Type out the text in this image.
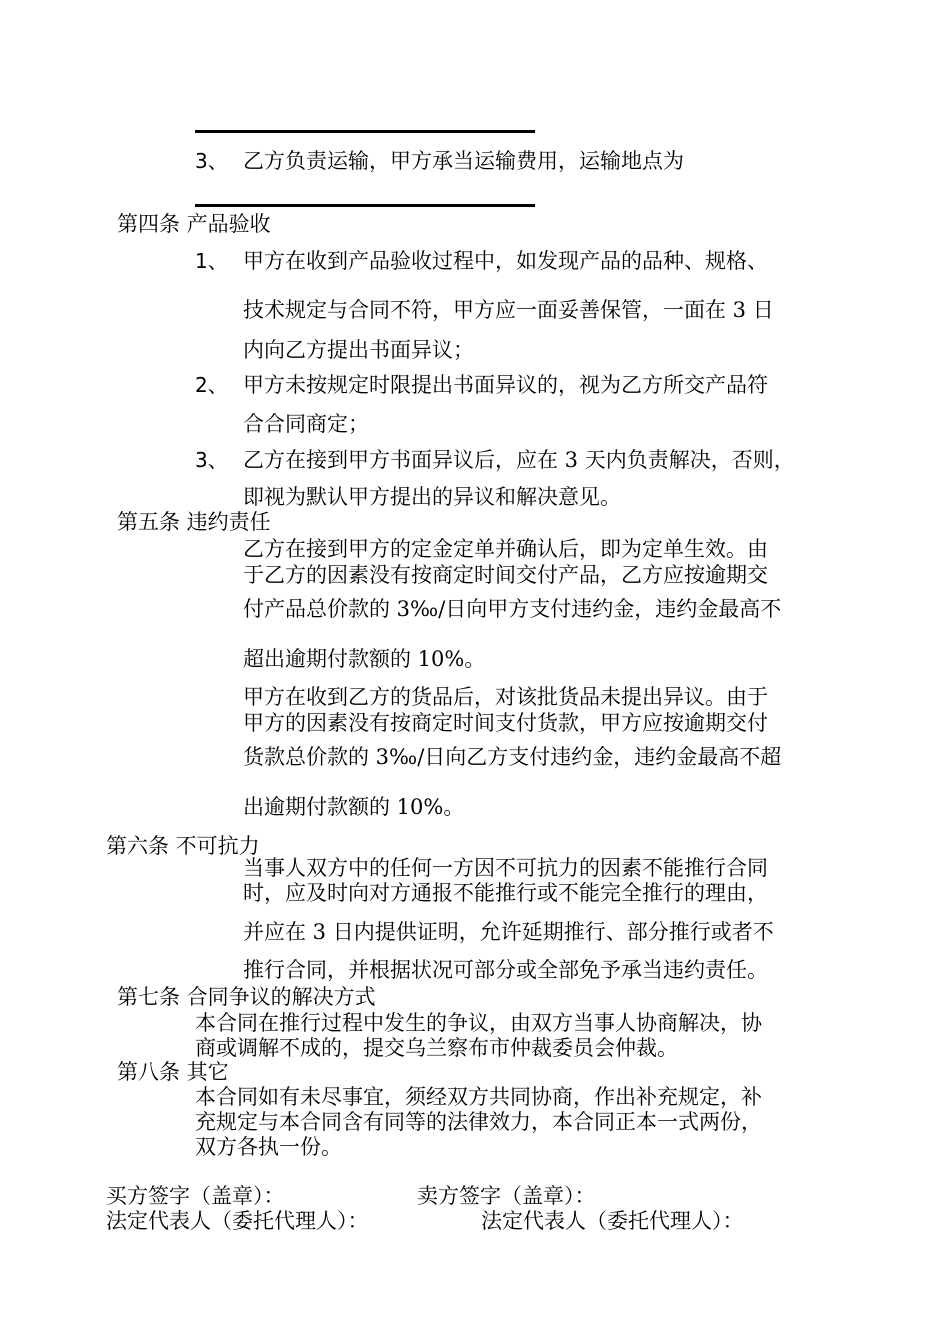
3、 乙方负责运输，甲方承当运输费用，运输地点为
第四条 产品验收
1、 甲方在收到产品验收过程中，如发现产品的品种、规格、
技术规定与合同不符，甲方应一面妥善保管，一面在 3 日
内向乙方提出书面异议；
2、 甲方未按规定时限提出书面异议的，视为乙方所交产品符
合合同商定；
3、 乙方在接到甲方书面异议后，应在 3 天内负责解决，否则，
即视为默认甲方提出的异议和解决意见。
第五条 违约责任
乙方在接到甲方的定金定单并确认后，即为定单生效。由
于乙方的因素没有按商定时间交付产品，乙方应按逾期交
付产品总价款的 3‰/日向甲方支付违约金，违约金最高不
超出逾期付款额的 10%。
甲方在收到乙方的货品后，对该批货品未提出异议。由于
甲方的因素没有按商定时间支付货款，甲方应按逾期交付
货款总价款的 3‰/日向乙方支付违约金，违约金最高不超
出逾期付款额的 10%。
第六条 不可抗力
当事人双方中的任何一方因不可抗力的因素不能推行合同
时，应及时向对方通报不能推行或不能完全推行的理由，
并应在 3 日内提供证明，允许延期推行、部分推行或者不
推行合同，并根据状况可部分或全部免予承当违约责任。
第七条 合同争议的解决方式
本合同在推行过程中发生的争议，由双方当事人协商解决，协
商或调解不成的，提交乌兰察布市仲裁委员会仲裁。
第八条 其它
本合同如有未尽事宜，须经双方共同协商，作出补充规定，补
充规定与本合同含有同等的法律效力，本合同正本一式两份，
双方各执一份。
买方签字（盖章）：	卖方签字（盖章）：
法定代表人（委托代理人）：	法定代表人（委托代理人）：
